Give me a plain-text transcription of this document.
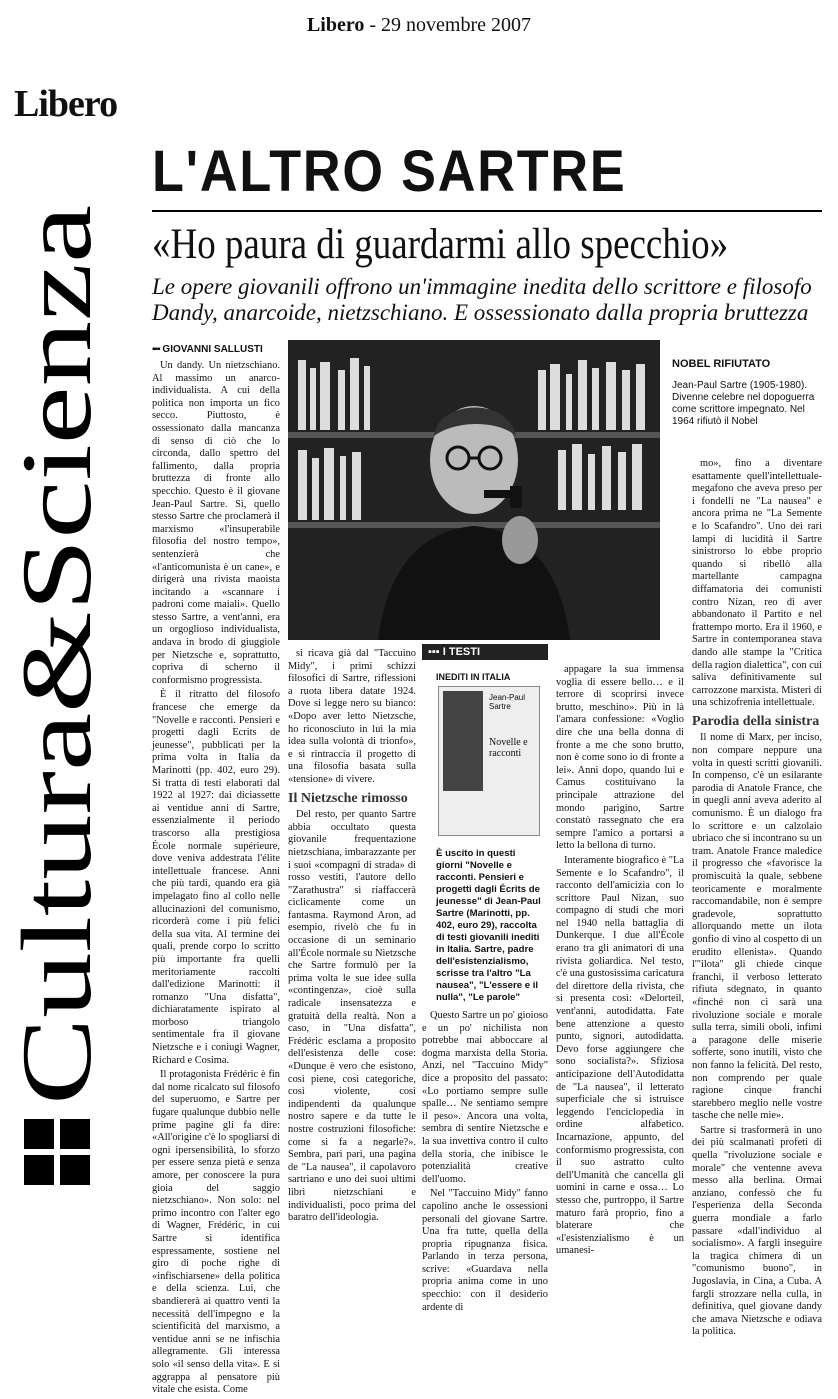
Libero - 29 novembre 2007
Libero
Cultura&Scienza
L'ALTRO SARTRE
«Ho paura di guardarmi allo specchio»
Le opere giovanili offrono un'immagine inedita dello scrittore e filosofo Dandy, anarcoide, nietzschiano. E ossessionato dalla propria bruttezza
▪▪▪ GIOVANNI SALLUSTI
NOBEL RIFIUTATO
Jean-Paul Sartre (1905-1980). Divenne celebre nel dopoguerra come scrittore impegnato. Nel 1964 rifiutò il Nobel

Un dandy. Un nietzschiano. Al massimo un anarco-individualista. A cui della politica non importa un fico secco. Piuttosto, è ossessionato dalla mancanza di senso di ciò che lo circonda, dallo spettro del fallimento, dalla propria bruttezza di fronte allo specchio. Questo è il giovane Jean-Paul Sartre. Sì, quello stesso Sartre che proclamerà il marxismo «l'insuperabile filosofia del nostro tempo», sentenzierà che «l'anticomunista è un cane», e dirigerà una rivista maoista incitando a «scannare i padroni come maiali». Quello stesso Sartre, a vent'anni, era un orgoglioso individualista, andava in brodo di giuggiole per Nietzsche e, soprattutto, copriva di scherno il conformismo progressista.

È il ritratto del filosofo francese che emerge da "Novelle e racconti. Pensieri e progetti dagli Ecrits de jeunesse", pubblicati per la prima volta in Italia da Marinotti (pp. 402, euro 29). Si tratta di testi elaborati dal 1922 al 1927: dai diciassette ai ventidue anni di Sartre, essenzialmente il periodo trascorso alla prestigiosa École normale supérieure, dove veniva addestrata l'élite intellettuale francese. Anni che più tardi, quando era già impelagato fino al collo nelle allucinazioni del comunismo, ricorderà come i più felici della sua vita. Al termine dei quali, prende corpo lo scritto più importante fra quelli meritoriamente raccolti dall'edizione Marinotti: il romanzo "Una disfatta", dichiaratamente ispirato al morboso triangolo sentimentale fra il giovane Nietzsche e i coniugi Wagner, Richard e Cosima.

Il protagonista Frédéric è fin dal nome ricalcato sul filosofo del superuomo, e Sartre per fugare qualunque dubbio nelle prime pagine gli fa dire: «All'origine c'è lo spogliarsi di ogni ipersensibilità, lo sforzo per essere senza pietà e senza amore, per conoscere la pura gioia del saggio nietzschiano». Non solo: nel primo incontro con l'alter ego di Wagner, Frédéric, in cui Sartre si identifica espressamente, sostiene nel giro di poche righe di «infischiarsene» della politica e della scienza. Lui, che sbandiererà ai quattro venti la necessità dell'impegno e la scientificità del marxismo, a ventidue anni se ne infischia allegramente. Gli interessa solo «il senso della vita». E si aggrappa al pensatore più vitale che esista. Come

si ricava già dal "Taccuino Midy", i primi schizzi filosofici di Sartre, riflessioni a ruota libera datate 1924. Dove si legge nero su bianco: «Dopo aver letto Nietzsche, ho riconosciuto in lui la mia idea sulla volontà di trionfo», e si rintraccia il progetto di una filosofia basata sulla «tensione» di vivere.

Il Nietzsche rimosso

Del resto, per quanto Sartre abbia occultato questa giovanile frequentazione nietzschiana, imbarazzante per i suoi «compagni di strada» di rosso vestiti, l'autore dello "Zarathustra" si riaffaccerà ciclicamente come un fantasma. Raymond Aron, ad esempio, rivelò che fu in occasione di un seminario all'École normale su Nietzsche che Sartre formulò per la prima volta le sue idee sulla «contingenza», cioè sulla radicale insensatezza e gratuità della realtà. Non a caso, in "Una disfatta", Frédéric esclama a proposito dell'esistenza delle cose: «Dunque è vero che esistono, così piene, così categoriche, così violente, così indipendenti da qualunque nostro sapere e da tutte le nostre costruzioni filosofiche: come si fa a negarle?». Sembra, pari pari, una pagina de "La nausea", il capolavoro sartriano e uno dei suoi ultimi libri nietzschiani e individualisti, poco prima del baratro dell'ideologia.

▪▪▪ I TESTI
INEDITI IN ITALIA
Jean-Paul Sartre
Novelle e racconti
È uscito in questi giorni "Novelle e racconti. Pensieri e progetti dagli Écrits de jeunesse" di Jean-Paul Sartre (Marinotti, pp. 402, euro 29), raccolta di testi giovanili inediti in Italia. Sartre, padre dell'esistenzialismo, scrisse tra l'altro "La nausea", "L'essere e il nulla", "Le parole"

Questo Sartre un po' gioioso e un po' nichilista non potrebbe mai abboccare al dogma marxista della Storia. Anzi, nel "Taccuino Midy" dice a proposito del passato: «Lo portiamo sempre sulle spalle… Ne sentiamo sempre il peso». Ancora una volta, sembra di sentire Nietzsche e la sua invettiva contro il culto della storia, che inibisce le potenzialità creative dell'uomo.

Nel "Taccuino Midy" fanno capolino anche le ossessioni personali del giovane Sartre. Una fra tutte, quella della propria ripugnanza fisica. Parlando in terza persona, scrive: «Guardava nella propria anima come in uno specchio: con il desiderio ardente di

appagare la sua immensa voglia di essere bello… e il terrore di scoprirsi invece brutto, meschino». Più in là l'amara confessione: «Voglio dire che una bella donna di fronte a me che sono brutto, non è come sono io di fronte a lei». Anni dopo, quando lui e Camus costituivano la principale attrazione del mondo parigino, Sartre constatò rassegnato che era sempre l'amico a portarsi a letto la bellona di turno.

Interamente biografico è "La Semente e lo Scafandro", il racconto dell'amicizia con lo scrittore Paul Nizan, suo compagno di studi che morì nel 1940 nella battaglia di Dunkerque. I due all'École erano tra gli animatori di una rivista goliardica. Nel testo, c'è una gustosissima caricatura del direttore della rivista, che si presenta così: «Delorteil, vent'anni, autodidatta. Fate bene attenzione a questo punto, signori, autodidatta. Devo forse aggiungere che sono socialista?». Sfiziosa anticipazione dell'Autodidatta de "La nausea", il letterato superficiale che si istruisce leggendo l'enciclopedia in ordine alfabetico. Incarnazione, appunto, del conformismo progressista, con il suo astratto culto dell'Umanità che cancella gli uomini in carne e ossa… Lo stesso che, purtroppo, il Sartre maturo farà proprio, fino a blaterare che «l'esistenzialismo è un umanesi-

mo», fino a diventare esattamente quell'intellettuale-megafono che aveva preso per i fondelli ne "La nausea" e ancora prima ne "La Semente e lo Scafandro". Uno dei rari lampi di lucidità il Sartre sinistrorso lo ebbe proprio quando si ribellò alla martellante campagna diffamatoria dei comunisti contro Nizan, reo di aver abbandonato il Partito e nel frattempo morto. Era il 1960, e Sartre in contemporanea stava dando alle stampe la "Critica della ragion dialettica", con cui saliva definitivamente sul carrozzone marxista. Misteri di una schizofrenia intellettuale.

Parodia della sinistra

Il nome di Marx, per inciso, non compare neppure una volta in questi scritti giovanili. In compenso, c'è un esilarante parodia di Anatole France, che in quegli anni aveva aderito al comunismo. È un dialogo fra lo scrittore e un calzolaio ubriaco che si incontrano su un tram. Anatole France maledice il progresso che «favorisce la promiscuità la quale, sebbene teoricamente e moralmente raccomandabile, non è sempre gradevole, soprattutto allorquando mette un ilota gonfio di vino al cospetto di un erudito ellenista». Quando l'"ilota" gli chiede cinque franchi, il verboso letterato rifiuta sdegnato, in quanto «finché non ci sarà una rivoluzione sociale e morale sulla terra, simili oboli, infimi a paragone delle miserie sofferte, sono inutili, visto che non fanno la felicità. Del resto, non comprendo per quale ragione cinque franchi starebbero meglio nelle vostre tasche che nelle mie».

Sartre si trasformerà in uno dei più scalmanati profeti di quella "rivoluzione sociale e morale" che ventenne aveva messo alla berlina. Ormai anziano, confessò che fu l'esperienza della Seconda guerra mondiale a farlo passare «dall'individuo al socialismo». A fargli inseguire la tragica chimera di un "comunismo buono", in Jugoslavia, in Cina, a Cuba. A fargli strozzare nella culla, in definitiva, quel giovane dandy che amava Nietzsche e odiava la politica.
